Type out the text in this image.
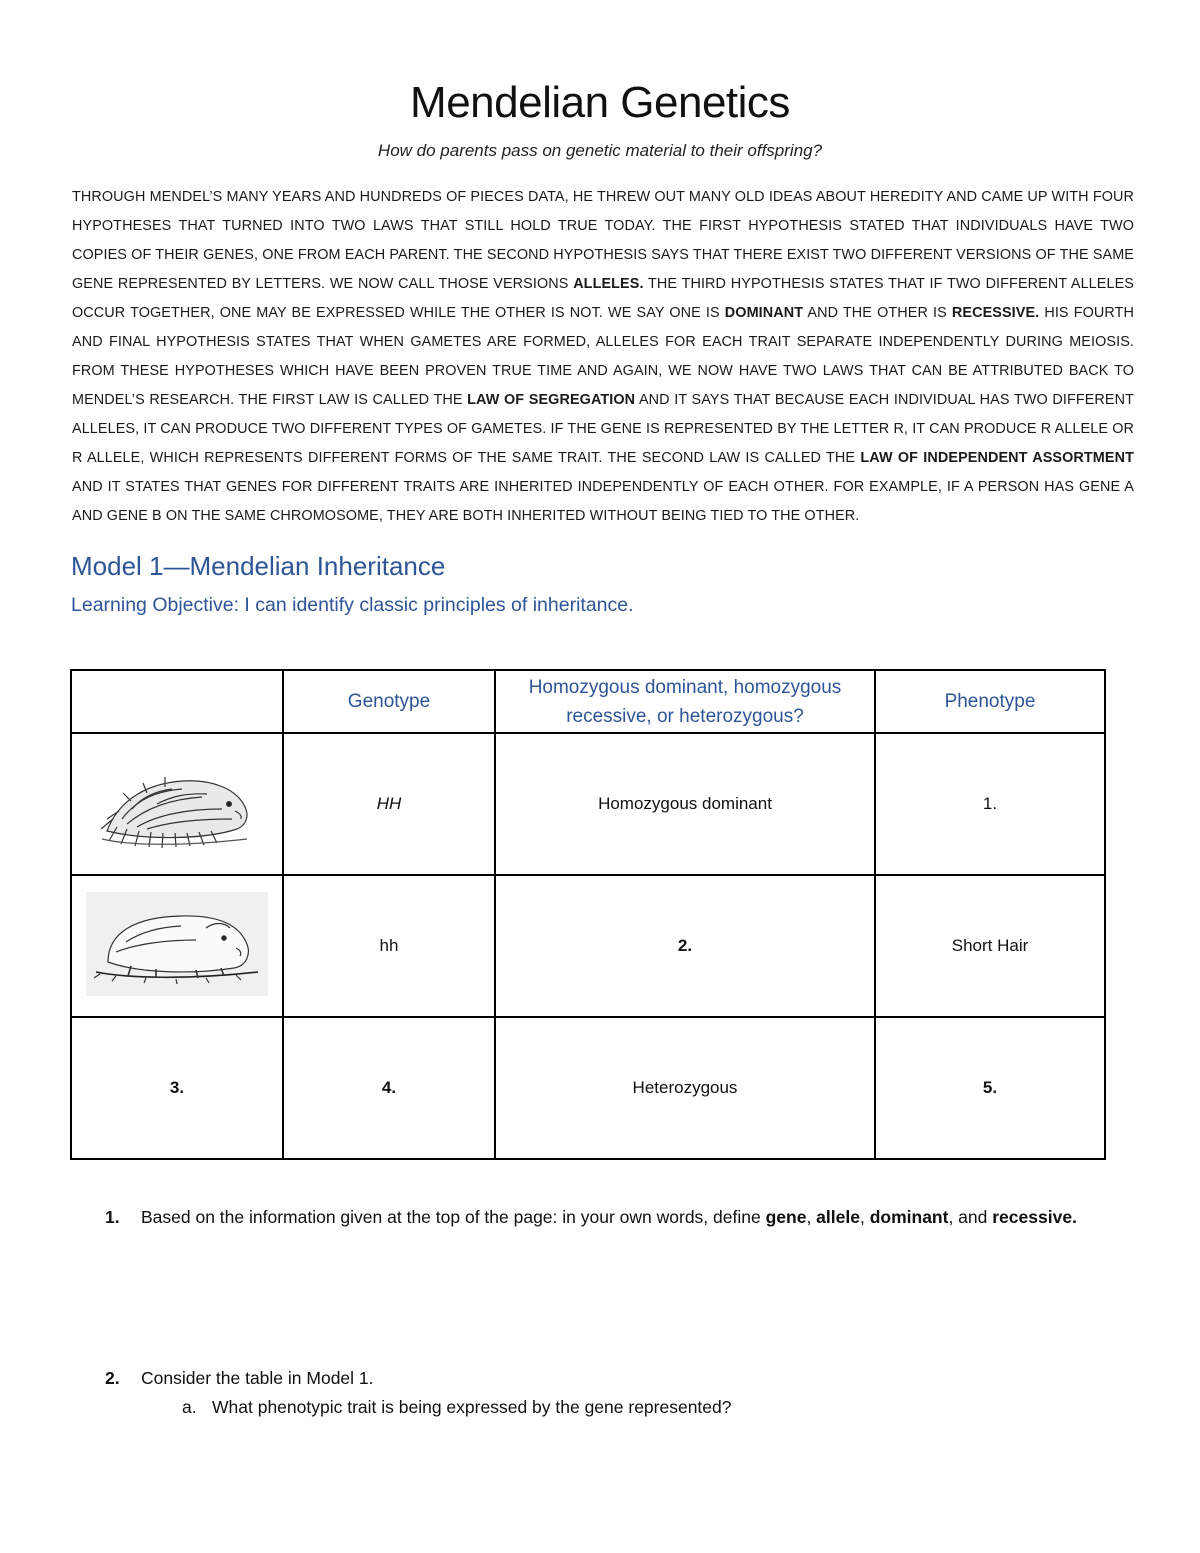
Mendelian Genetics

How do parents pass on genetic material to their offspring?

THROUGH MENDEL’S MANY YEARS AND HUNDREDS OF PIECES DATA, HE THREW OUT MANY OLD IDEAS ABOUT HEREDITY AND CAME UP WITH FOUR HYPOTHESES THAT TURNED INTO TWO LAWS THAT STILL HOLD TRUE TODAY. THE FIRST HYPOTHESIS STATED THAT INDIVIDUALS HAVE TWO COPIES OF THEIR GENES, ONE FROM EACH PARENT. THE SECOND HYPOTHESIS SAYS THAT THERE EXIST TWO DIFFERENT VERSIONS OF THE SAME GENE REPRESENTED BY LETTERS. WE NOW CALL THOSE VERSIONS ALLELES. THE THIRD HYPOTHESIS STATES THAT IF TWO DIFFERENT ALLELES OCCUR TOGETHER, ONE MAY BE EXPRESSED WHILE THE OTHER IS NOT. WE SAY ONE IS DOMINANT AND THE OTHER IS RECESSIVE. HIS FOURTH AND FINAL HYPOTHESIS STATES THAT WHEN GAMETES ARE FORMED, ALLELES FOR EACH TRAIT SEPARATE INDEPENDENTLY DURING MEIOSIS. FROM THESE HYPOTHESES WHICH HAVE BEEN PROVEN TRUE TIME AND AGAIN, WE NOW HAVE TWO LAWS THAT CAN BE ATTRIBUTED BACK TO MENDEL’S RESEARCH. THE FIRST LAW IS CALLED THE LAW OF SEGREGATION AND IT SAYS THAT BECAUSE EACH INDIVIDUAL HAS TWO DIFFERENT ALLELES, IT CAN PRODUCE TWO DIFFERENT TYPES OF GAMETES. IF THE GENE IS REPRESENTED BY THE LETTER R, IT CAN PRODUCE R ALLELE OR R ALLELE, WHICH REPRESENTS DIFFERENT FORMS OF THE SAME TRAIT. THE SECOND LAW IS CALLED THE LAW OF INDEPENDENT ASSORTMENT AND IT STATES THAT GENES FOR DIFFERENT TRAITS ARE INHERITED INDEPENDENTLY OF EACH OTHER. FOR EXAMPLE, IF A PERSON HAS GENE A AND GENE B ON THE SAME CHROMOSOME, THEY ARE BOTH INHERITED WITHOUT BEING TIED TO THE OTHER.

Model 1—Mendelian Inheritance

Learning Objective: I can identify classic principles of inheritance.

	Genotype	Homozygous dominant, homozygous recessive, or heterozygous?	Phenotype

	HH	Homozygous dominant	1.
	hh	2.	Short Hair
3.	4.	Heterozygous	5.
1. Based on the information given at the top of the page: in your own words, define gene, allele, dominant, and recessive.
2. Consider the table in Model 1.
a. What phenotypic trait is being expressed by the gene represented?
